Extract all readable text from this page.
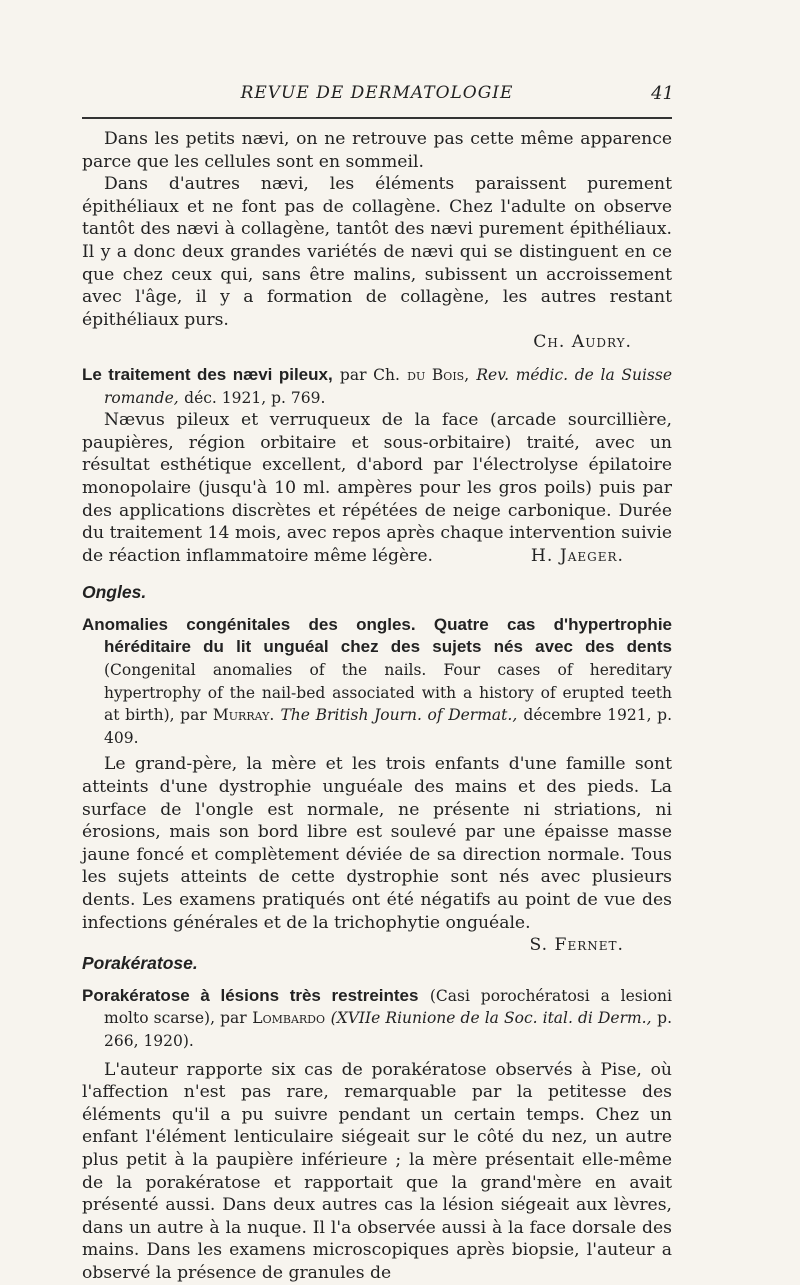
REVUE DE DERMATOLOGIE	41

Dans les petits nævi, on ne retrouve pas cette même apparence parce que les cellules sont en sommeil.

Dans d'autres nævi, les éléments paraissent purement épithéliaux et ne font pas de collagène. Chez l'adulte on observe tantôt des nævi à collagène, tantôt des nævi purement épithéliaux. Il y a donc deux grandes variétés de nævi qui se distinguent en ce que chez ceux qui, sans être malins, subissent un accroissement avec l'âge, il y a formation de collagène, les autres restant épithéliaux purs.

Ch. Audry.

Le traitement des nævi pileux, par Ch. du Bois, Rev. médic. de la Suisse romande, déc. 1921, p. 769.

Nævus pileux et verruqueux de la face (arcade sourcillière, paupières, région orbitaire et sous-orbitaire) traité, avec un résultat esthétique excellent, d'abord par l'électrolyse épilatoire monopolaire (jusqu'à 10 ml. ampères pour les gros poils) puis par des applications discrètes et répétées de neige carbonique. Durée du traitement 14 mois, avec repos après chaque intervention suivie de réaction inflammatoire même légère.	H. Jaeger.

Ongles.

Anomalies congénitales des ongles. Quatre cas d'hypertrophie héréditaire du lit unguéal chez des sujets nés avec des dents (Congenital anomalies of the nails. Four cases of hereditary hypertrophy of the nail-bed associated with a history of erupted teeth at birth), par Murray. The British Journ. of Dermat., décembre 1921, p. 409.

Le grand-père, la mère et les trois enfants d'une famille sont atteints d'une dystrophie unguéale des mains et des pieds. La surface de l'ongle est normale, ne présente ni striations, ni érosions, mais son bord libre est soulevé par une épaisse masse jaune foncé et complètement déviée de sa direction normale. Tous les sujets atteints de cette dystrophie sont nés avec plusieurs dents. Les examens pratiqués ont été négatifs au point de vue des infections générales et de la trichophytie onguéale.
S. Fernet.

Porakératose.

Porakératose à lésions très restreintes (Casi porochératosi a lesioni molto scarse), par Lombardo (XVIIe Riunione de la Soc. ital. di Derm., p. 266, 1920).

L'auteur rapporte six cas de porakératose observés à Pise, où l'affection n'est pas rare, remarquable par la petitesse des éléments qu'il a pu suivre pendant un certain temps. Chez un enfant l'élément lenticulaire siégeait sur le côté du nez, un autre plus petit à la paupière inférieure ; la mère présentait elle-même de la porakératose et rapportait que la grand'mère en avait présenté aussi. Dans deux autres cas la lésion siégeait aux lèvres, dans un autre à la nuque. Il l'a observée aussi à la face dorsale des mains. Dans les examens microscopiques après biopsie, l'auteur a observé la présence de granules de
